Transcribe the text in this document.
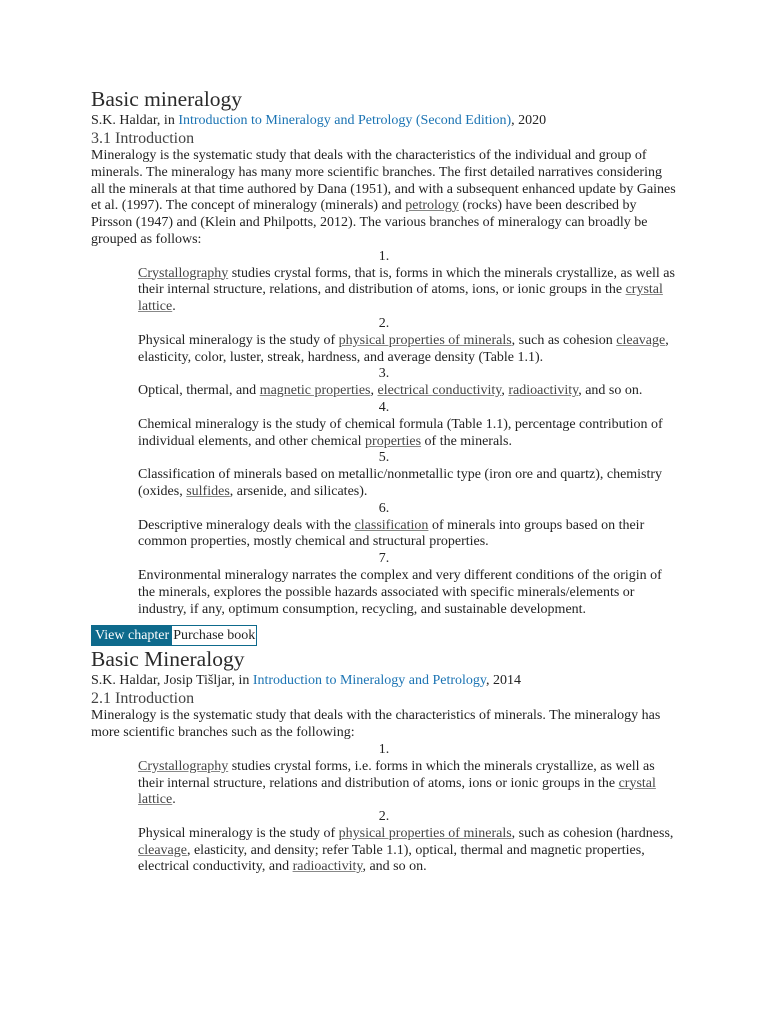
Basic mineralogy

S.K. Haldar, in Introduction to Mineralogy and Petrology (Second Edition), 2020

3.1 Introduction

Mineralogy is the systematic study that deals with the characteristics of the individual and group of minerals. The mineralogy has many more scientific branches. The first detailed narratives considering all the minerals at that time authored by Dana (1951), and with a subsequent enhanced update by Gaines et al. (1997). The concept of mineralogy (minerals) and petrology (rocks) have been described by Pirsson (1947) and (Klein and Philpotts, 2012). The various branches of mineralogy can broadly be grouped as follows:

1.
Crystallography studies crystal forms, that is, forms in which the minerals crystallize, as well as their internal structure, relations, and distribution of atoms, ions, or ionic groups in the crystal lattice.
2.
Physical mineralogy is the study of physical properties of minerals, such as cohesion cleavage, elasticity, color, luster, streak, hardness, and average density (Table 1.1).
3.
Optical, thermal, and magnetic properties, electrical conductivity, radioactivity, and so on.
4.
Chemical mineralogy is the study of chemical formula (Table 1.1), percentage contribution of individual elements, and other chemical properties of the minerals.
5.
Classification of minerals based on metallic/nonmetallic type (iron ore and quartz), chemistry (oxides, sulfides, arsenide, and silicates).
6.
Descriptive mineralogy deals with the classification of minerals into groups based on their common properties, mostly chemical and structural properties.
7.
Environmental mineralogy narrates the complex and very different conditions of the origin of the minerals, explores the possible hazards associated with specific minerals/elements or industry, if any, optimum consumption, recycling, and sustainable development.
View chapter Purchase book
Basic Mineralogy

S.K. Haldar, Josip Tišljar, in Introduction to Mineralogy and Petrology, 2014

2.1 Introduction

Mineralogy is the systematic study that deals with the characteristics of minerals. The mineralogy has more scientific branches such as the following:

1.
Crystallography studies crystal forms, i.e. forms in which the minerals crystallize, as well as their internal structure, relations and distribution of atoms, ions or ionic groups in the crystal lattice.
2.
Physical mineralogy is the study of physical properties of minerals, such as cohesion (hardness, cleavage, elasticity, and density; refer Table 1.1), optical, thermal and magnetic properties, electrical conductivity, and radioactivity, and so on.
